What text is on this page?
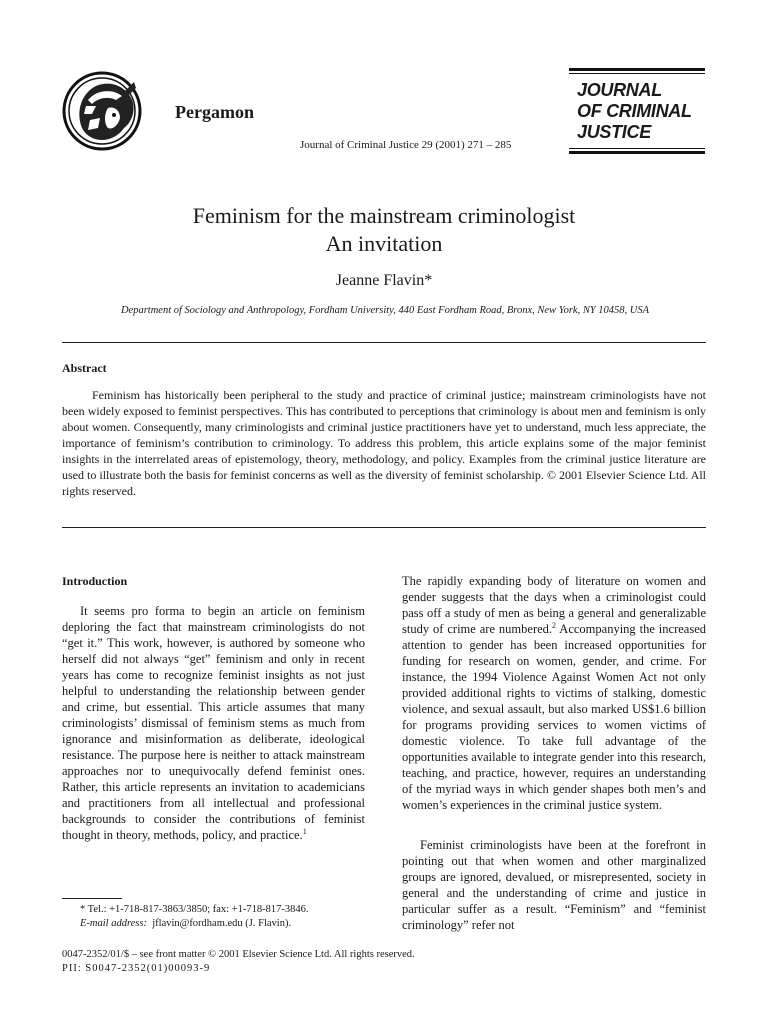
Pergamon
Journal of Criminal Justice 29 (2001) 271 – 285
JOURNAL
OF CRIMINAL
JUSTICE
Feminism for the mainstream criminologist
An invitation
Jeanne Flavin*
Department of Sociology and Anthropology, Fordham University, 440 East Fordham Road, Bronx, New York, NY 10458, USA
Abstract

Feminism has historically been peripheral to the study and practice of criminal justice; mainstream criminologists have not been widely exposed to feminist perspectives. This has contributed to perceptions that criminology is about men and feminism is only about women. Consequently, many criminologists and criminal justice practitioners have yet to understand, much less appreciate, the importance of feminism’s contribution to criminology. To address this problem, this article explains some of the major feminist insights in the interrelated areas of epistemology, theory, methodology, and policy. Examples from the criminal justice literature are used to illustrate both the basis for feminist concerns as well as the diversity of feminist scholarship. © 2001 Elsevier Science Ltd. All rights reserved.

Introduction

It seems pro forma to begin an article on feminism deploring the fact that mainstream criminologists do not “get it.” This work, however, is authored by someone who herself did not always “get” feminism and only in recent years has come to recognize feminist insights as not just helpful to understanding the relationship between gender and crime, but essential. This article assumes that many criminologists’ dismissal of feminism stems as much from ignorance and misinformation as deliberate, ideological resistance. The purpose here is neither to attack mainstream approaches nor to unequivocally defend feminist ones. Rather, this article represents an invitation to academicians and practitioners from all intellectual and professional backgrounds to consider the contributions of feminist thought in theory, methods, policy, and practice.$^1$

* Tel.: +1-718-817-3863/3850; fax: +1-718-817-3846.
E-mail address: jflavin@fordham.edu (J. Flavin).

The rapidly expanding body of literature on women and gender suggests that the days when a criminologist could pass off a study of men as being a general and generalizable study of crime are numbered.$^2$ Accompanying the increased attention to gender has been increased opportunities for funding for research on women, gender, and crime. For instance, the 1994 Violence Against Women Act not only provided additional rights to victims of stalking, domestic violence, and sexual assault, but also marked US$1.6 billion for programs providing services to women victims of domestic violence. To take full advantage of the opportunities available to integrate gender into this research, teaching, and practice, however, requires an understanding of the myriad ways in which gender shapes both men’s and women’s experiences in the criminal justice system.

Feminist criminologists have been at the forefront in pointing out that when women and other marginalized groups are ignored, devalued, or misrepresented, society in general and the understanding of crime and justice in particular suffer as a result. “Feminism” and “feminist criminology” refer not

0047-2352/01/$ – see front matter © 2001 Elsevier Science Ltd. All rights reserved.
PII: S0047-2352(01)00093-9
